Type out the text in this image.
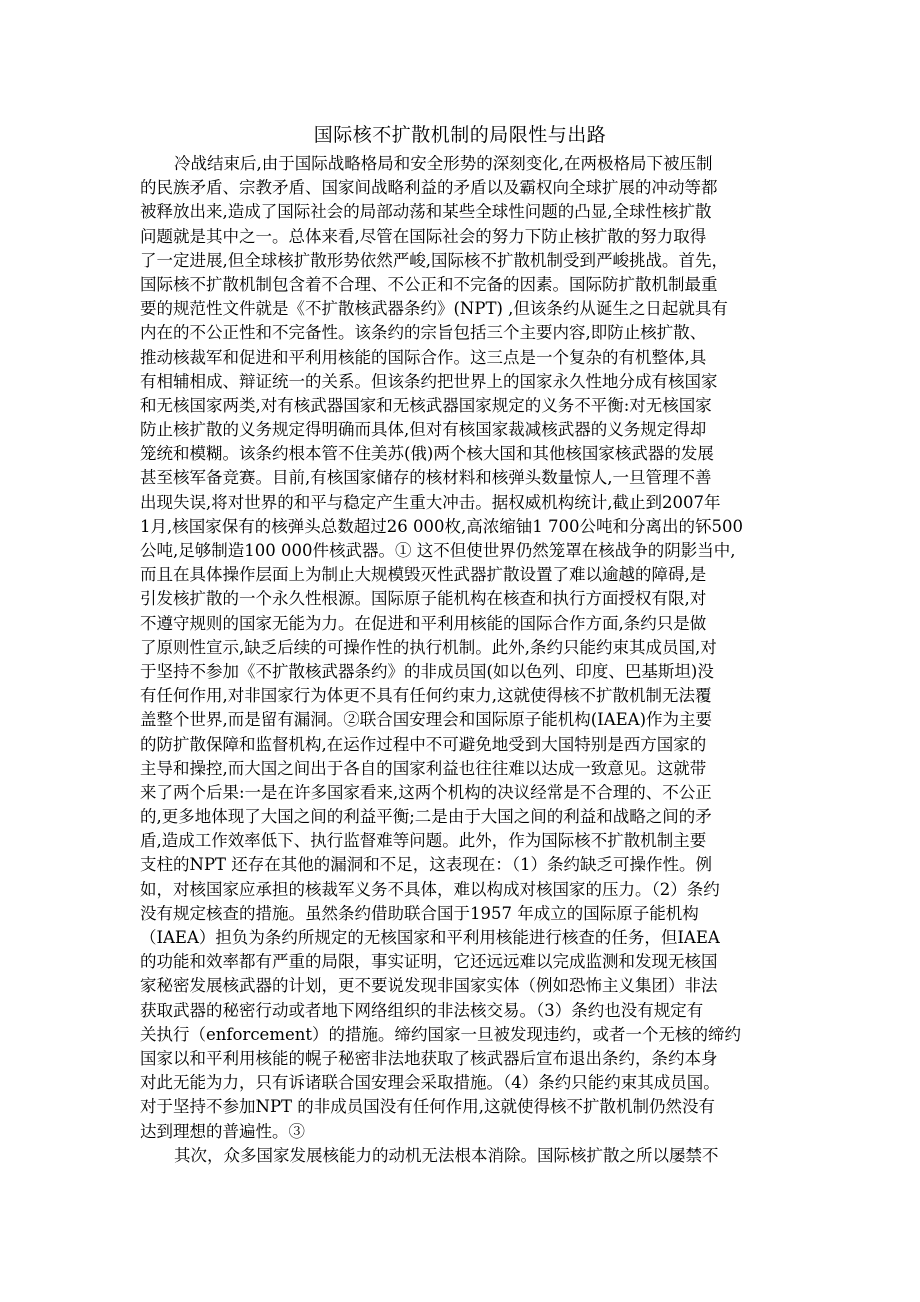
国际核不扩散机制的局限性与出路
冷战结束后,由于国际战略格局和安全形势的深刻变化,在两极格局下被压制
的民族矛盾、宗教矛盾、国家间战略利益的矛盾以及霸权向全球扩展的冲动等都
被释放出来,造成了国际社会的局部动荡和某些全球性问题的凸显,全球性核扩散
问题就是其中之一。总体来看,尽管在国际社会的努力下防止核扩散的努力取得
了一定进展,但全球核扩散形势依然严峻,国际核不扩散机制受到严峻挑战。首先，
国际核不扩散机制包含着不合理、不公正和不完备的因素。国际防扩散机制最重
要的规范性文件就是《不扩散核武器条约》(NPT) ,但该条约从诞生之日起就具有
内在的不公正性和不完备性。该条约的宗旨包括三个主要内容,即防止核扩散、
推动核裁军和促进和平利用核能的国际合作。这三点是一个复杂的有机整体,具
有相辅相成、辩证统一的关系。但该条约把世界上的国家永久性地分成有核国家
和无核国家两类,对有核武器国家和无核武器国家规定的义务不平衡:对无核国家
防止核扩散的义务规定得明确而具体,但对有核国家裁减核武器的义务规定得却
笼统和模糊。该条约根本管不住美苏(俄)两个核大国和其他核国家核武器的发展
甚至核军备竞赛。目前,有核国家储存的核材料和核弹头数量惊人,一旦管理不善
出现失误,将对世界的和平与稳定产生重大冲击。据权威机构统计,截止到2007年
1月,核国家保有的核弹头总数超过26 000枚,高浓缩铀1 700公吨和分离出的钚500
公吨,足够制造100 000件核武器。① 这不但使世界仍然笼罩在核战争的阴影当中,
而且在具体操作层面上为制止大规模毁灭性武器扩散设置了难以逾越的障碍,是
引发核扩散的一个永久性根源。国际原子能机构在核查和执行方面授权有限,对
不遵守规则的国家无能为力。在促进和平利用核能的国际合作方面,条约只是做
了原则性宣示,缺乏后续的可操作性的执行机制。此外,条约只能约束其成员国,对
于坚持不参加《不扩散核武器条约》的非成员国(如以色列、印度、巴基斯坦)没
有任何作用,对非国家行为体更不具有任何约束力,这就使得核不扩散机制无法覆
盖整个世界,而是留有漏洞。②联合国安理会和国际原子能机构(IAEA)作为主要
的防扩散保障和监督机构,在运作过程中不可避免地受到大国特别是西方国家的
主导和操控,而大国之间出于各自的国家利益也往往难以达成一致意见。这就带
来了两个后果:一是在许多国家看来,这两个机构的决议经常是不合理的、不公正
的,更多地体现了大国之间的利益平衡;二是由于大国之间的利益和战略之间的矛
盾,造成工作效率低下、执行监督难等问题。此外，作为国际核不扩散机制主要
支柱的NPT 还存在其他的漏洞和不足，这表现在：（1）条约缺乏可操作性。例
如，对核国家应承担的核裁军义务不具体，难以构成对核国家的压力。（2）条约
没有规定核查的措施。虽然条约借助联合国于1957 年成立的国际原子能机构
（IAEA）担负为条约所规定的无核国家和平利用核能进行核查的任务，但IAEA
的功能和效率都有严重的局限，事实证明，它还远远难以完成监测和发现无核国
家秘密发展核武器的计划，更不要说发现非国家实体（例如恐怖主义集团）非法
获取武器的秘密行动或者地下网络组织的非法核交易。（3）条约也没有规定有
关执行（enforcement）的措施。缔约国家一旦被发现违约，或者一个无核的缔约
国家以和平利用核能的幌子秘密非法地获取了核武器后宣布退出条约，条约本身
对此无能为力，只有诉诸联合国安理会采取措施。（4）条约只能约束其成员国。
对于坚持不参加NPT 的非成员国没有任何作用,这就使得核不扩散机制仍然没有
达到理想的普遍性。③
其次，众多国家发展核能力的动机无法根本消除。国际核扩散之所以屡禁不
